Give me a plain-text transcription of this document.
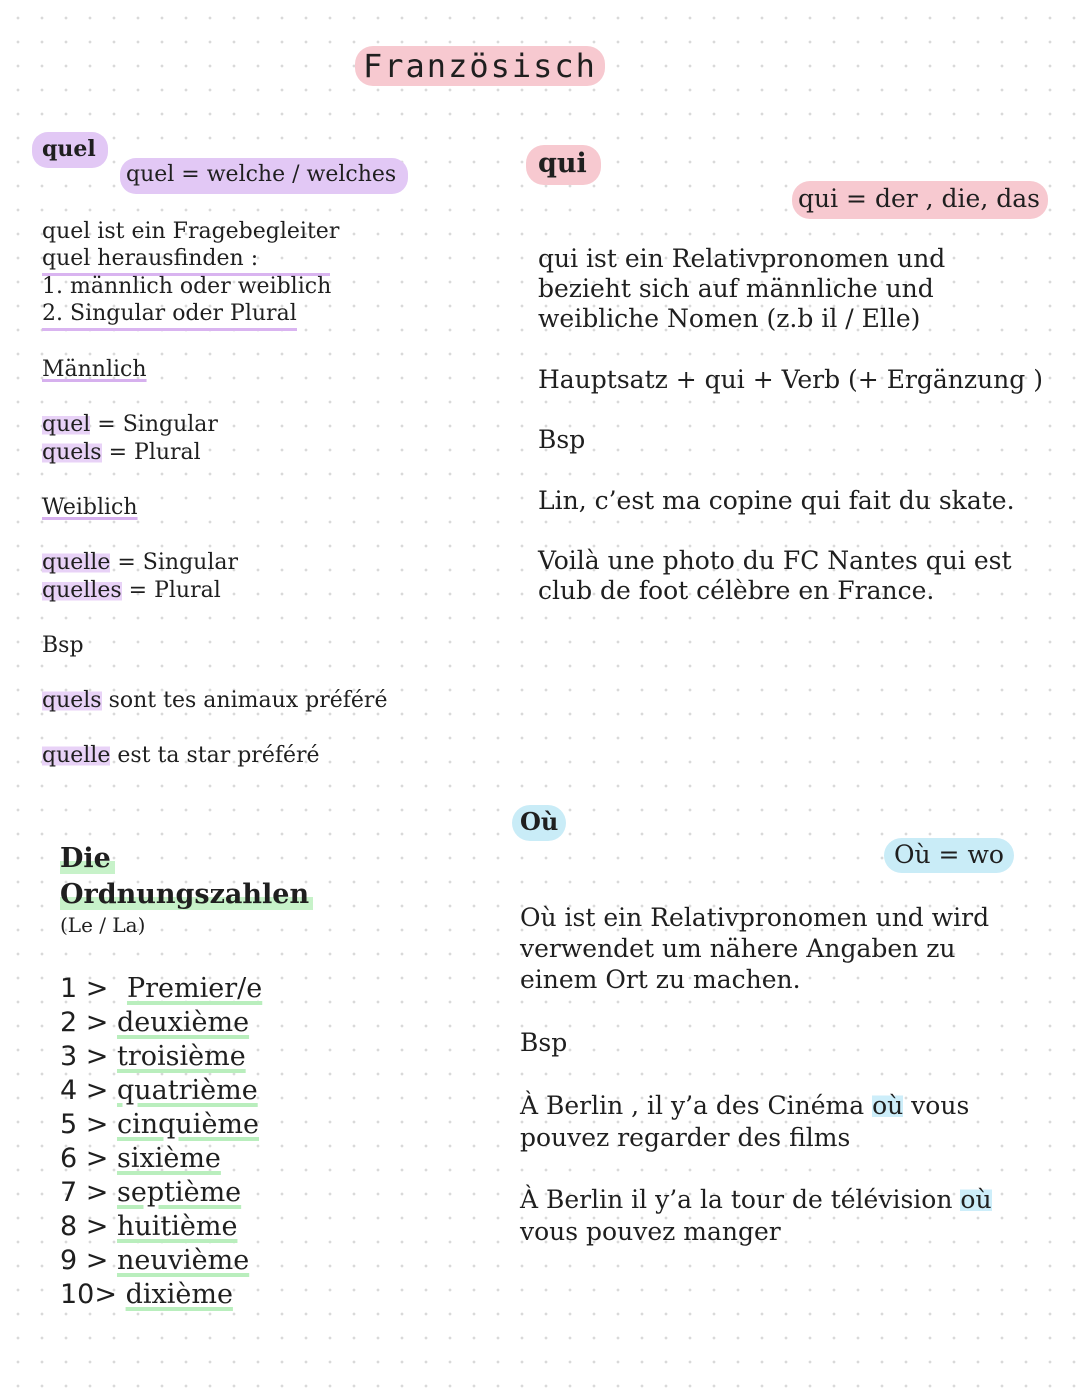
Französisch
quel
quel = welche / welches
quel ist ein Fragebegleiter
quel herausfinden :
1. männlich oder weiblich
2. Singular oder Plural
Männlich
quel = Singular
quels = Plural
Weiblich
quelle = Singular
quelles = Plural
Bsp
quels sont tes animaux préféré
quelle est ta star préféré
qui
qui = der , die, das
qui ist ein Relativpronomen und
bezieht sich auf männliche und
weibliche Nomen (z.b il / Elle)
Hauptsatz + qui + Verb (+ Ergänzung )
Bsp
Lin, c’est ma copine qui fait du skate.
Voilà une photo du FC Nantes qui est
club de foot célèbre en France.
Die
Ordnungszahlen
(Le / La)
1 > Premier/e
2 > deuxième
3 > troisième
4 > quatrième
5 > cinquième
6 > sixième
7 > septième
8 > huitième
9 > neuvième
10> dixième
Où
Où = wo
Où ist ein Relativpronomen und wird
verwendet um nähere Angaben zu
einem Ort zu machen.
Bsp
À Berlin , il y’a des Cinéma où vous
pouvez regarder des films
À Berlin il y’a la tour de télévision où
vous pouvez manger
